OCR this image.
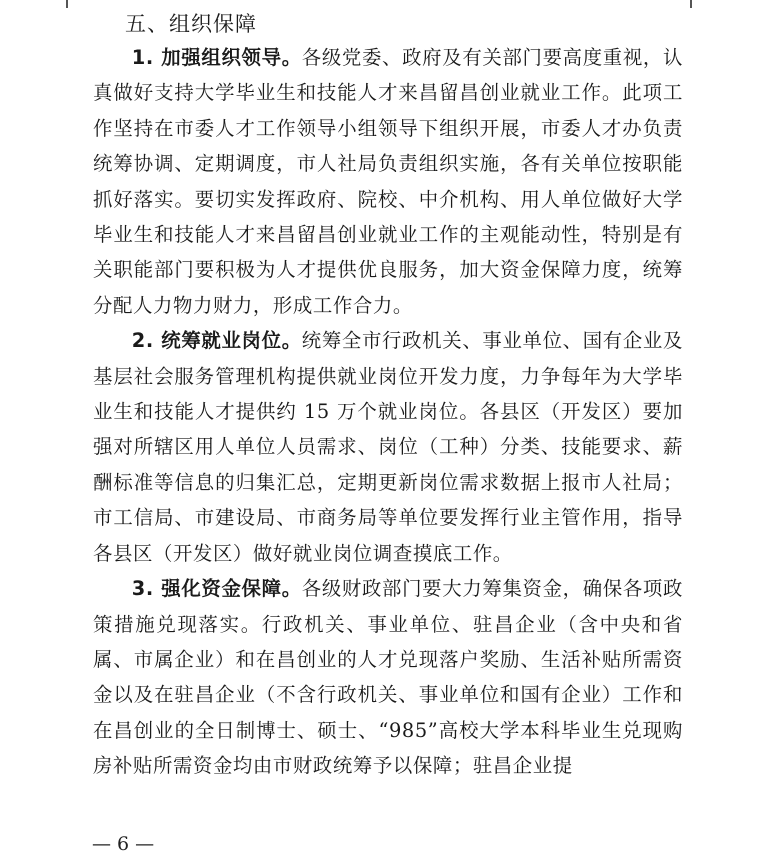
五、组织保障

1. 加强组织领导。各级党委、政府及有关部门要高度重视，认真做好支持大学毕业生和技能人才来昌留昌创业就业工作。此项工作坚持在市委人才工作领导小组领导下组织开展，市委人才办负责统筹协调、定期调度，市人社局负责组织实施，各有关单位按职能抓好落实。要切实发挥政府、院校、中介机构、用人单位做好大学毕业生和技能人才来昌留昌创业就业工作的主观能动性，特别是有关职能部门要积极为人才提供优良服务，加大资金保障力度，统筹分配人力物力财力，形成工作合力。

2. 统筹就业岗位。统筹全市行政机关、事业单位、国有企业及基层社会服务管理机构提供就业岗位开发力度，力争每年为大学毕业生和技能人才提供约 15 万个就业岗位。各县区（开发区）要加强对所辖区用人单位人员需求、岗位（工种）分类、技能要求、薪酬标准等信息的归集汇总，定期更新岗位需求数据上报市人社局；市工信局、市建设局、市商务局等单位要发挥行业主管作用，指导各县区（开发区）做好就业岗位调查摸底工作。

3. 强化资金保障。各级财政部门要大力筹集资金，确保各项政策措施兑现落实。行政机关、事业单位、驻昌企业（含中央和省属、市属企业）和在昌创业的人才兑现落户奖励、生活补贴所需资金以及在驻昌企业（不含行政机关、事业单位和国有企业）工作和在昌创业的全日制博士、硕士、“985”高校大学本科毕业生兑现购房补贴所需资金均由市财政统筹予以保障；驻昌企业提

— 6 —
